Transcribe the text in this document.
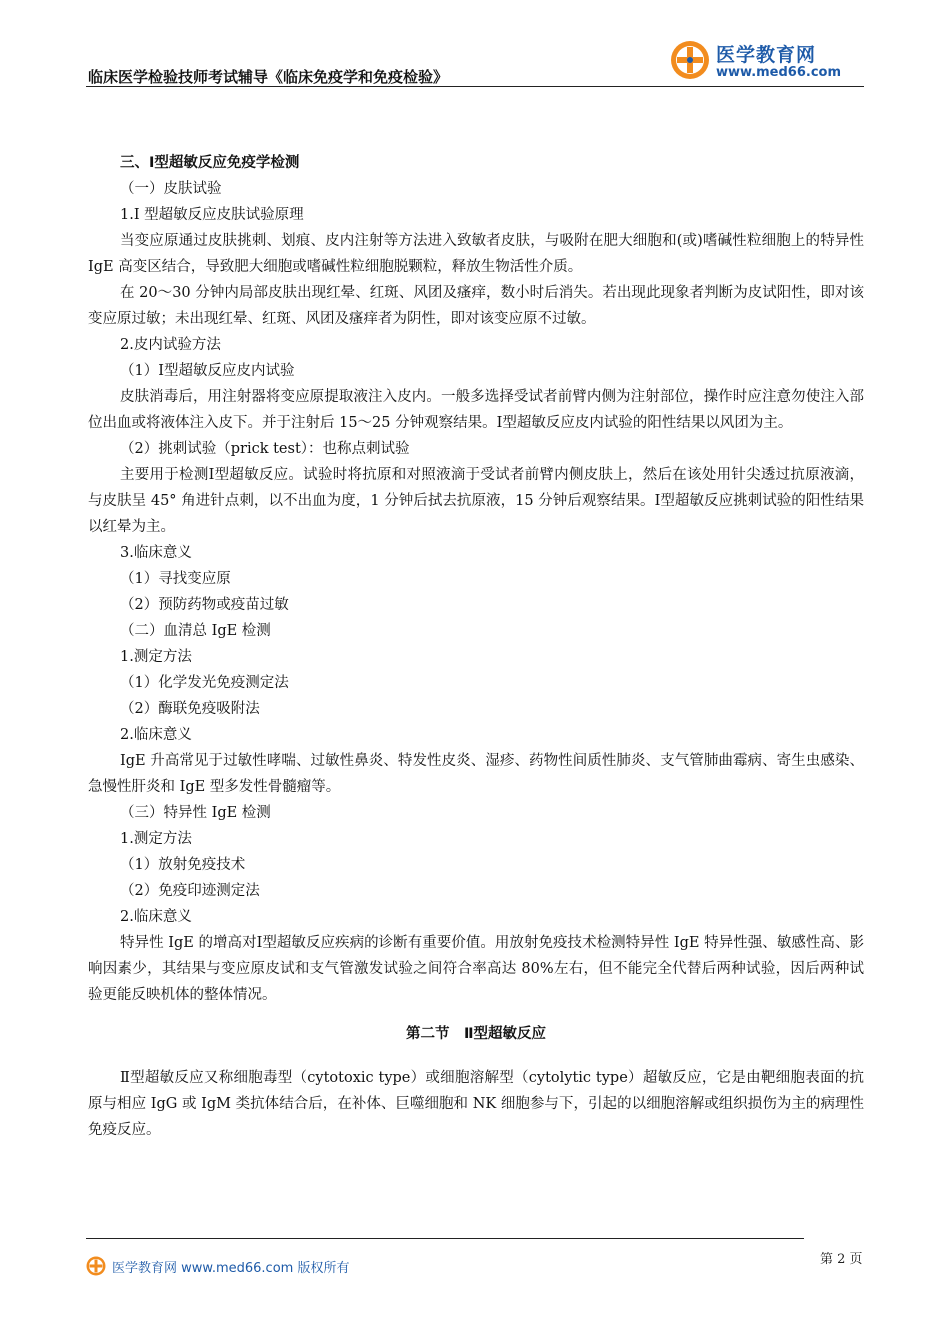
临床医学检验技师考试辅导《临床免疫学和免疫检验》
医学教育网
www.med66.com

三、Ⅰ型超敏反应免疫学检测

（一）皮肤试验

1.Ⅰ 型超敏反应皮肤试验原理

当变应原通过皮肤挑刺、划痕、皮内注射等方法进入致敏者皮肤，与吸附在肥大细胞和(或)嗜碱性粒细胞上的特异性 IgE 高变区结合，导致肥大细胞或嗜碱性粒细胞脱颗粒，释放生物活性介质。

在 20～30 分钟内局部皮肤出现红晕、红斑、风团及瘙痒，数小时后消失。若出现此现象者判断为皮试阳性，即对该变应原过敏；未出现红晕、红斑、风团及瘙痒者为阴性，即对该变应原不过敏。

2.皮内试验方法

（1）Ⅰ型超敏反应皮内试验

皮肤消毒后，用注射器将变应原提取液注入皮内。一般多选择受试者前臂内侧为注射部位，操作时应注意勿使注入部位出血或将液体注入皮下。并于注射后 15～25 分钟观察结果。Ⅰ型超敏反应皮内试验的阳性结果以风团为主。

（2）挑刺试验（prick test）：也称点刺试验

主要用于检测Ⅰ型超敏反应。试验时将抗原和对照液滴于受试者前臂内侧皮肤上，然后在该处用针尖透过抗原液滴，与皮肤呈 45° 角进针点刺，以不出血为度，1 分钟后拭去抗原液，15 分钟后观察结果。Ⅰ型超敏反应挑刺试验的阳性结果以红晕为主。

3.临床意义

（1）寻找变应原

（2）预防药物或疫苗过敏

（二）血清总 IgE 检测

1.测定方法

（1）化学发光免疫测定法

（2）酶联免疫吸附法

2.临床意义

IgE 升高常见于过敏性哮喘、过敏性鼻炎、特发性皮炎、湿疹、药物性间质性肺炎、支气管肺曲霉病、寄生虫感染、急慢性肝炎和 IgE 型多发性骨髓瘤等。

（三）特异性 IgE 检测

1.测定方法

（1）放射免疫技术

（2）免疫印迹测定法

2.临床意义

特异性 IgE 的增高对Ⅰ型超敏反应疾病的诊断有重要价值。用放射免疫技术检测特异性 IgE 特异性强、敏感性高、影响因素少，其结果与变应原皮试和支气管激发试验之间符合率高达 80%左右，但不能完全代替后两种试验，因后两种试验更能反映机体的整体情况。

第二节　Ⅱ型超敏反应

Ⅱ型超敏反应又称细胞毒型（cytotoxic type）或细胞溶解型（cytolytic type）超敏反应，它是由靶细胞表面的抗原与相应 IgG 或 IgM 类抗体结合后，在补体、巨噬细胞和 NK 细胞参与下，引起的以细胞溶解或组织损伤为主的病理性免疫反应。

医学教育网 www.med66.com 版权所有
第 2 页
